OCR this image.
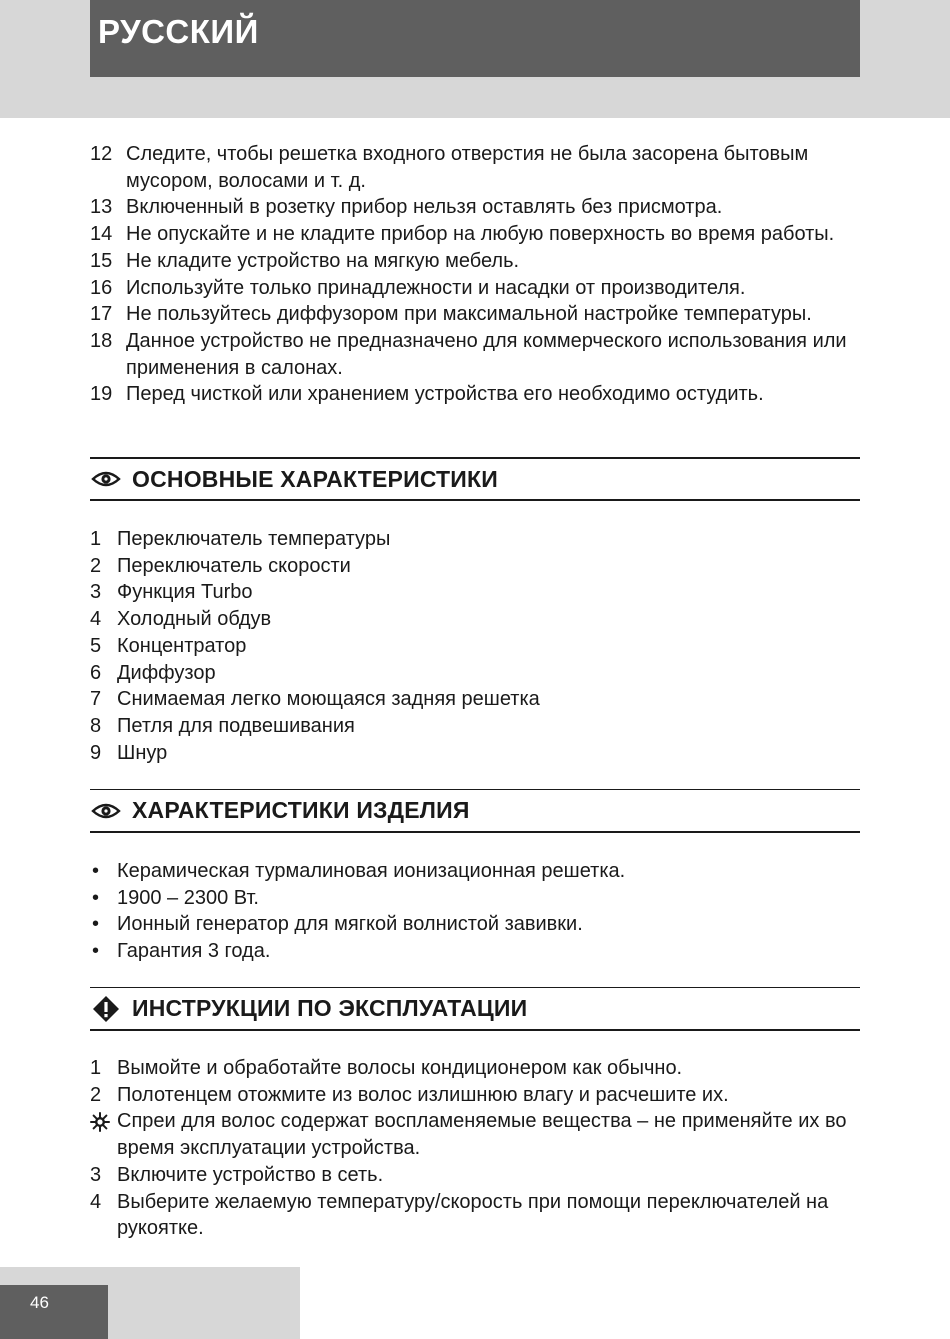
РУССКИЙ
12 Следите, чтобы решетка входного отверстия не была засорена бытовым мусором, волосами и т. д.
13 Включенный в розетку прибор нельзя оставлять без присмотра.
14 Не опускайте и не кладите прибор на любую поверхность во время работы.
15 Не кладите устройство на мягкую мебель.
16 Используйте только принадлежности и насадки от производителя.
17 Не пользуйтесь диффузором при максимальной настройке температуры.
18 Данное устройство не предназначено для коммерческого использования или применения в салонах.
19 Перед чисткой или хранением устройства его необходимо остудить.
ОСНОВНЫЕ ХАРАКТЕРИСТИКИ
1 Переключатель температуры
2 Переключатель скорости
3 Функция Turbo
4 Холодный обдув
5 Концентратор
6 Диффузор
7 Снимаемая легко моющаяся задняя решетка
8 Петля для подвешивания
9 Шнур
ХАРАКТЕРИСТИКИ ИЗДЕЛИЯ
• Керамическая турмалиновая ионизационная решетка.
• 1900 – 2300 Вт.
• Ионный генератор для мягкой волнистой завивки.
• Гарантия 3 года.
ИНСТРУКЦИИ ПО ЭКСПЛУАТАЦИИ
1 Вымойте и обработайте волосы кондиционером как обычно.
2 Полотенцем отожмите из волос излишнюю влагу и расчешите их.
Спреи для волос содержат воспламеняемые вещества – не применяйте их во время эксплуатации устройства.
3 Включите устройство в сеть.
4 Выберите желаемую температуру/скорость при помощи переключателей на рукоятке.
46
